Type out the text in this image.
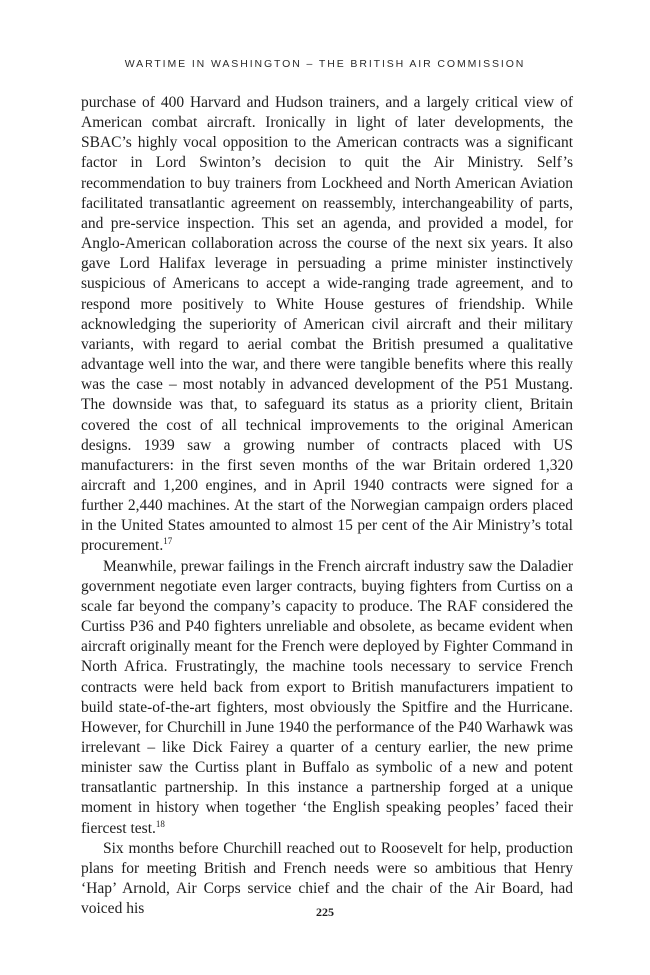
WARTIME IN WASHINGTON – THE BRITISH AIR COMMISSION

purchase of 400 Harvard and Hudson trainers, and a largely critical view of American combat aircraft. Ironically in light of later developments, the SBAC’s highly vocal opposition to the American contracts was a significant factor in Lord Swinton’s decision to quit the Air Ministry. Self’s recommendation to buy trainers from Lockheed and North American Aviation facilitated transatlantic agreement on reassembly, interchangeability of parts, and pre-service inspection. This set an agenda, and provided a model, for Anglo-American collaboration across the course of the next six years. It also gave Lord Halifax leverage in persuading a prime minister instinctively suspicious of Americans to accept a wide-ranging trade agreement, and to respond more positively to White House gestures of friendship. While acknowledging the superiority of American civil aircraft and their military variants, with regard to aerial combat the British presumed a qualitative advantage well into the war, and there were tangible benefits where this really was the case – most notably in advanced development of the P51 Mustang. The downside was that, to safeguard its status as a priority client, Britain covered the cost of all technical improvements to the original American designs. 1939 saw a growing number of contracts placed with US manufacturers: in the first seven months of the war Britain ordered 1,320 aircraft and 1,200 engines, and in April 1940 contracts were signed for a further 2,440 machines. At the start of the Norwegian campaign orders placed in the United States amounted to almost 15 per cent of the Air Ministry’s total procurement.$^{17}$

Meanwhile, prewar failings in the French aircraft industry saw the Daladier government negotiate even larger contracts, buying fighters from Curtiss on a scale far beyond the company’s capacity to produce. The RAF considered the Curtiss P36 and P40 fighters unreliable and obsolete, as became evident when aircraft originally meant for the French were deployed by Fighter Command in North Africa. Frustratingly, the machine tools necessary to service French contracts were held back from export to British manufacturers impatient to build state-of-the-art fighters, most obviously the Spitfire and the Hurricane. However, for Churchill in June 1940 the performance of the P40 Warhawk was irrelevant – like Dick Fairey a quarter of a century earlier, the new prime minister saw the Curtiss plant in Buffalo as symbolic of a new and potent transatlantic partnership. In this instance a partnership forged at a unique moment in history when together ‘the English speaking peoples’ faced their fiercest test.$^{18}$

Six months before Churchill reached out to Roosevelt for help, production plans for meeting British and French needs were so ambitious that Henry ‘Hap’ Arnold, Air Corps service chief and the chair of the Air Board, had voiced his	225
